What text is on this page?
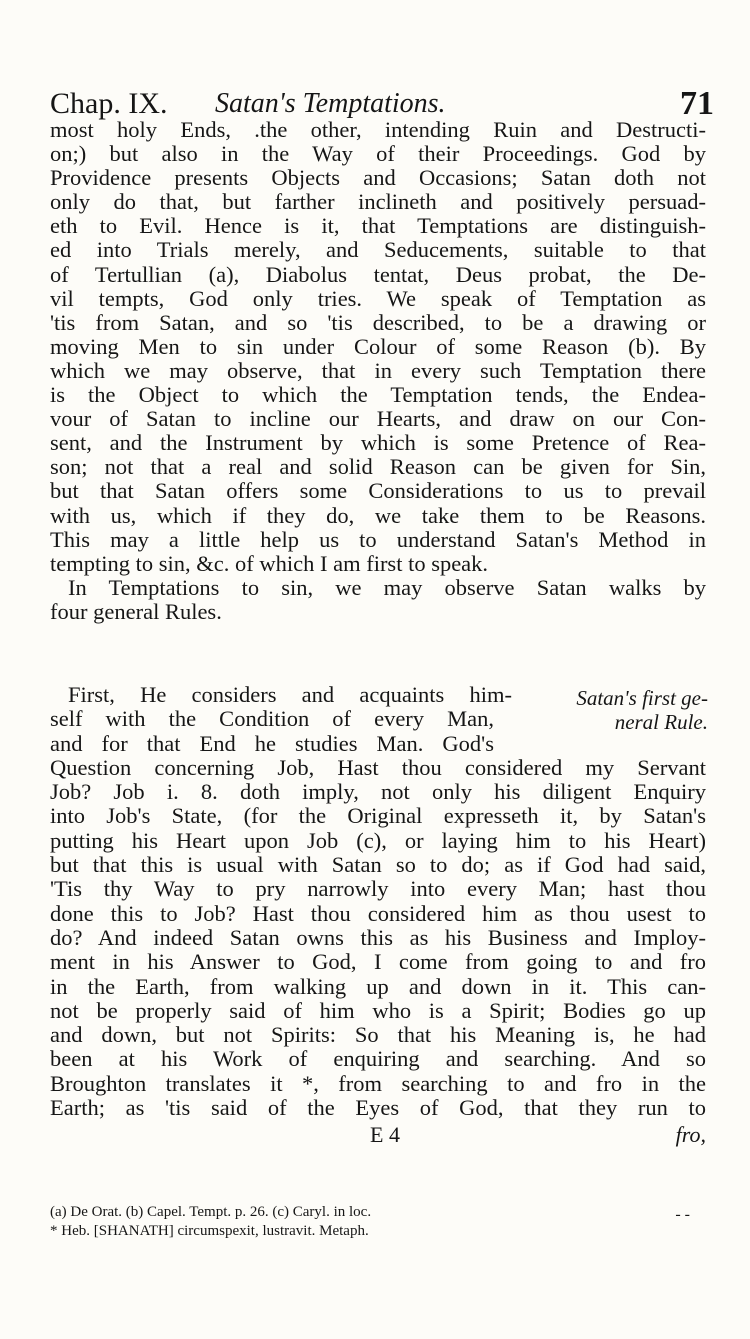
Chap. IX. Satan's Temptations.	71
most holy Ends, .the other, intending Ruin and Destructi-
on;) but also in the Way of their Proceedings. God by
Providence presents Objects and Occasions; Satan doth not
only do that, but farther inclineth and positively persuad-
eth to Evil. Hence is it, that Temptations are distinguish-
ed into Trials merely, and Seducements, suitable to that
of Tertullian (a), Diabolus tentat, Deus probat, the De-
vil tempts, God only tries. We speak of Temptation as
'tis from Satan, and so 'tis described, to be a drawing or
moving Men to sin under Colour of some Reason (b). By
which we may observe, that in every such Temptation there
is the Object to which the Temptation tends, the Endea-
vour of Satan to incline our Hearts, and draw on our Con-
sent, and the Instrument by which is some Pretence of Rea-
son; not that a real and solid Reason can be given for Sin,
but that Satan offers some Considerations to us to prevail
with us, which if they do, we take them to be Reasons.
This may a little help us to understand Satan's Method in
tempting to sin, &c. of which I am first to speak.
In Temptations to sin, we may observe Satan walks by
four general Rules.
First, He considers and acquaints him-
self with the Condition of every Man,
and for that End he studies Man. God's
Question concerning Job, Hast thou considered my Servant
Job? Job i. 8. doth imply, not only his diligent Enquiry
into Job's State, (for the Original expresseth it, by Satan's
putting his Heart upon Job (c), or laying him to his Heart)
but that this is usual with Satan so to do; as if God had said,
'Tis thy Way to pry narrowly into every Man; hast thou
done this to Job? Hast thou considered him as thou usest to
do? And indeed Satan owns this as his Business and Imploy-
ment in his Answer to God, I come from going to and fro
in the Earth, from walking up and down in it. This can-
not be properly said of him who is a Spirit; Bodies go up
and down, but not Spirits: So that his Meaning is, he had
been at his Work of enquiring and searching. And so
Broughton translates it *, from searching to and fro in the
Earth; as 'tis said of the Eyes of God, that they run to
Satan's first ge-
neral Rule.
E 4	fro,
(a) De Orat. (b) Capel. Tempt. p. 26. (c) Caryl. in loc.
* Heb. [SHANATH] circumspexit, lustravit. Metaph.
- -
